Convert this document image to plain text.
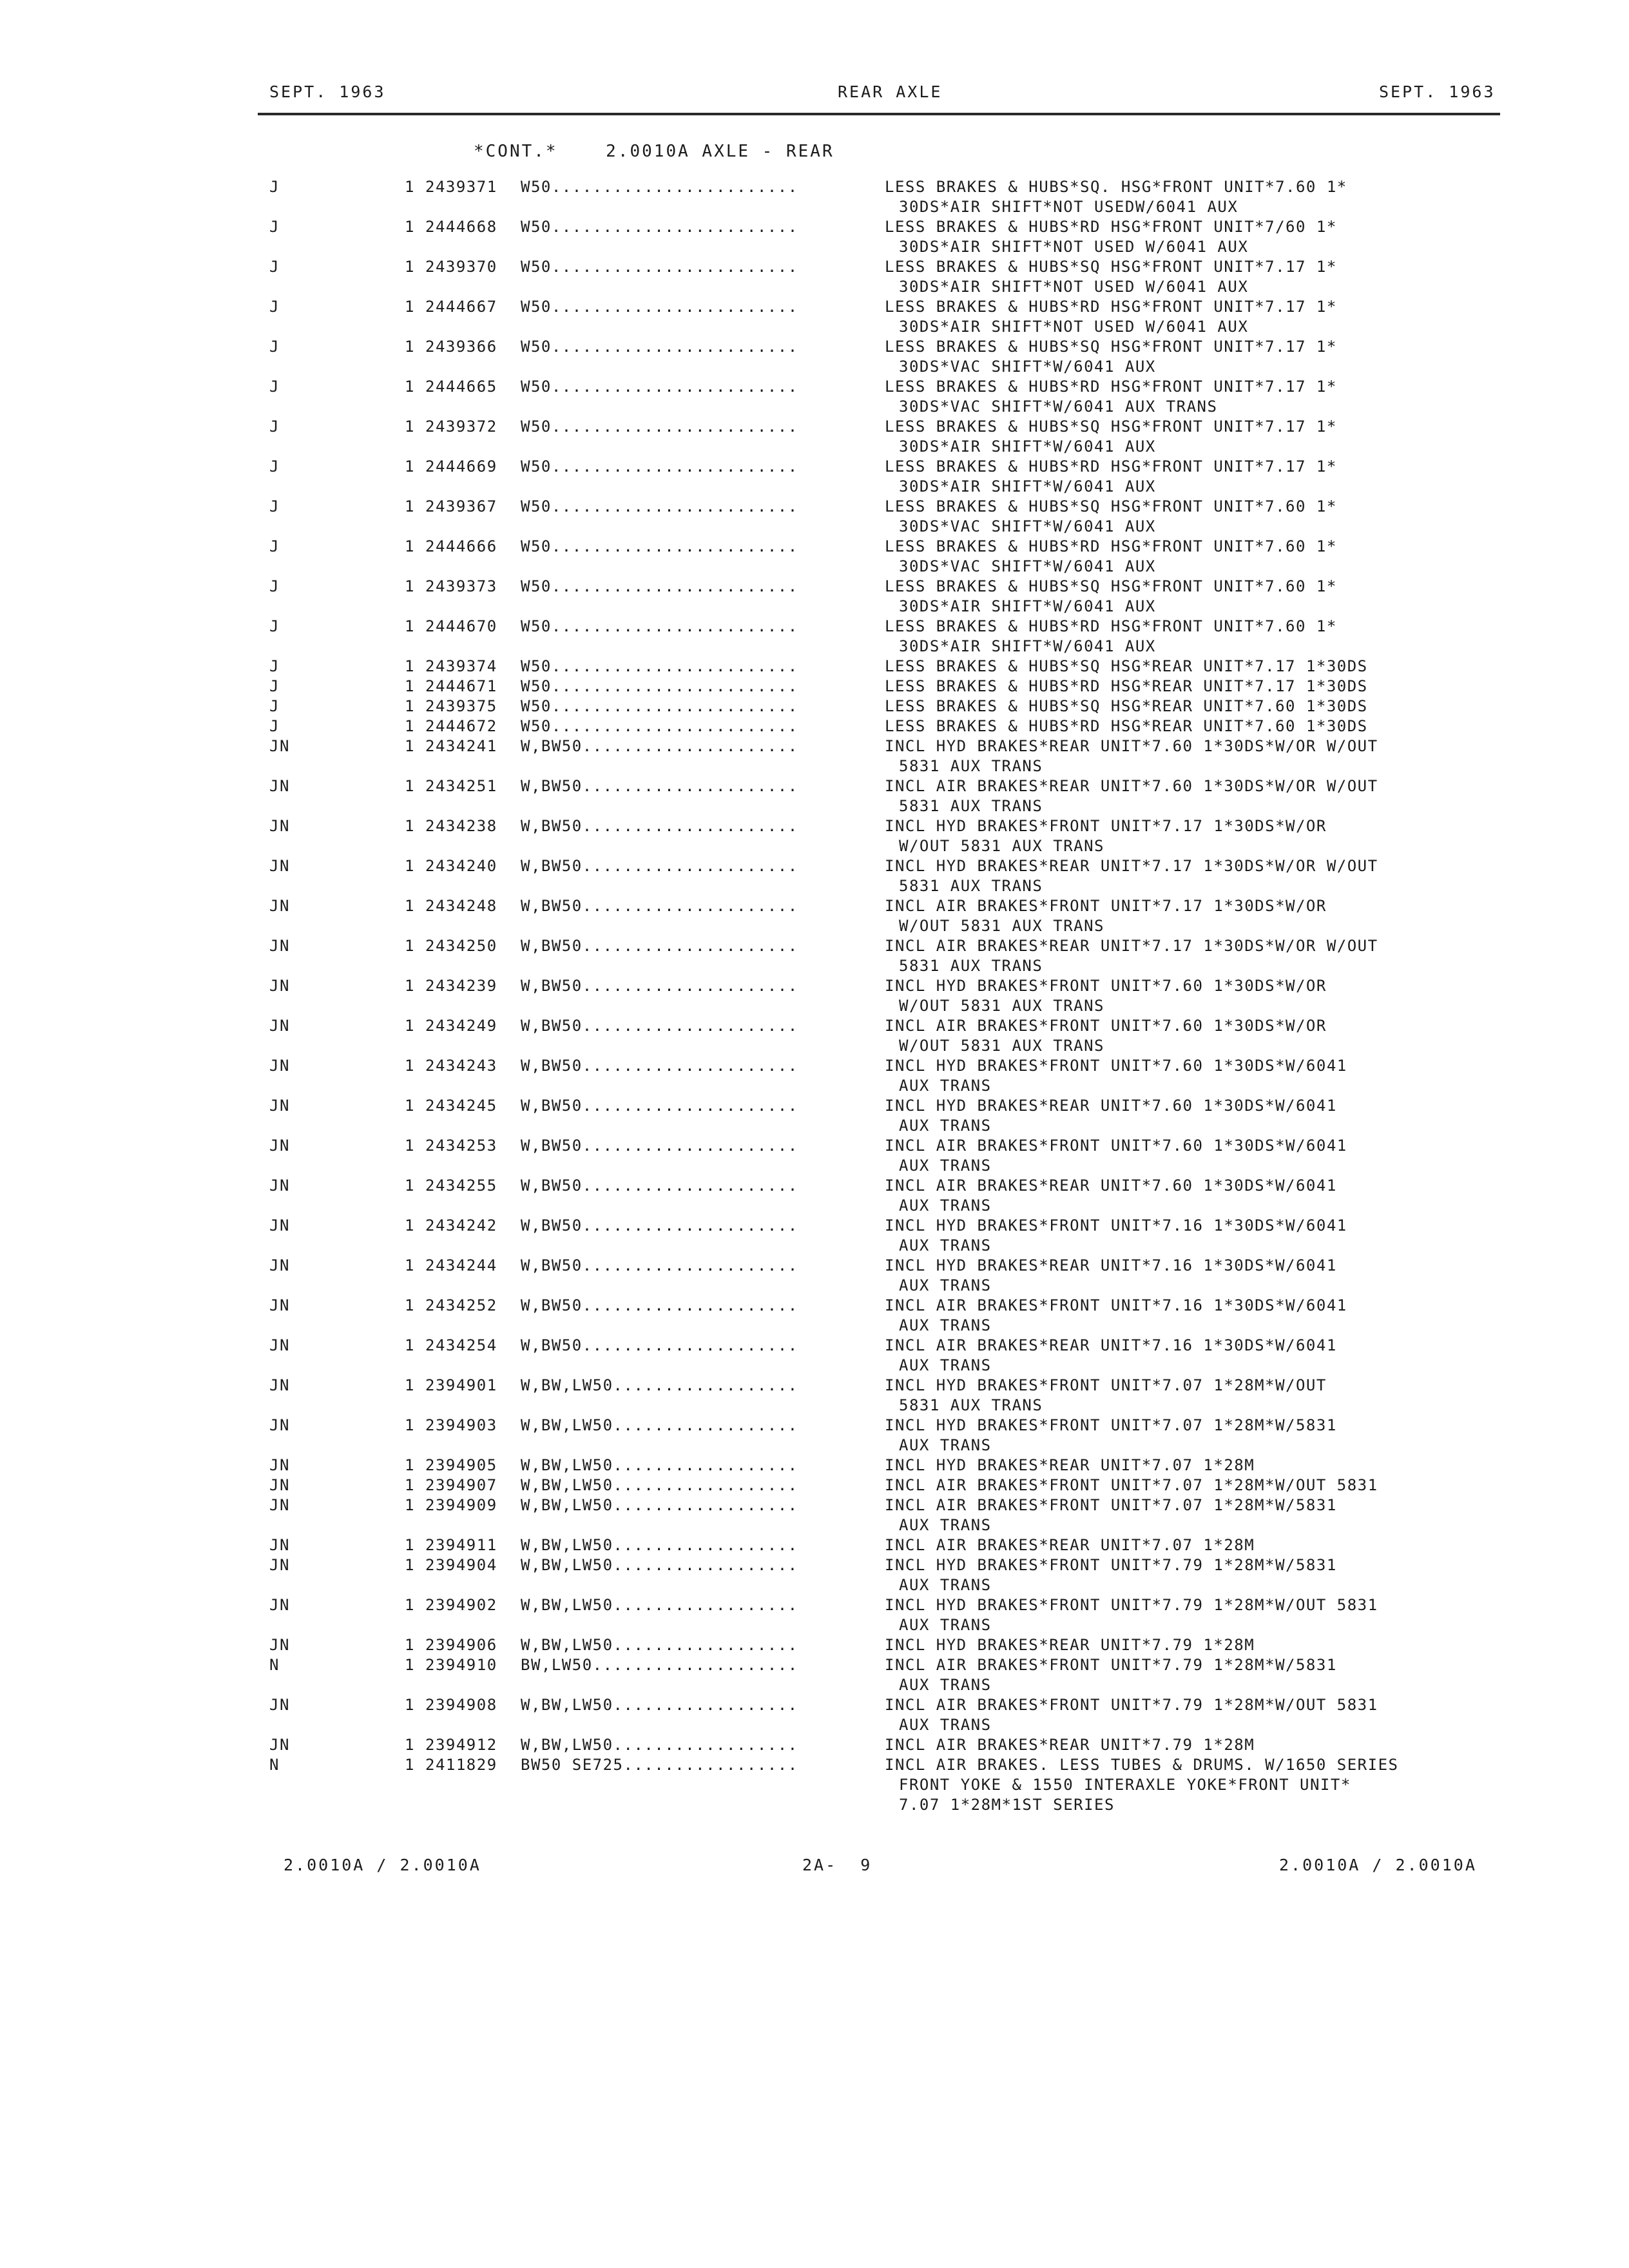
SEPT. 1963	REAR AXLE	SEPT. 1963
*CONT.*    2.0010A AXLE - REAR
J	1 2439371 W50........................	LESS BRAKES & HUBS*SQ. HSG*FRONT UNIT*7.60 1*
30DS*AIR SHIFT*NOT USEDW/6041 AUX
J	1 2444668 W50........................	LESS BRAKES & HUBS*RD HSG*FRONT UNIT*7/60 1*
30DS*AIR SHIFT*NOT USED W/6041 AUX
J	1 2439370 W50........................	LESS BRAKES & HUBS*SQ HSG*FRONT UNIT*7.17 1*
30DS*AIR SHIFT*NOT USED W/6041 AUX
J	1 2444667 W50........................	LESS BRAKES & HUBS*RD HSG*FRONT UNIT*7.17 1*
30DS*AIR SHIFT*NOT USED W/6041 AUX
J	1 2439366 W50........................	LESS BRAKES & HUBS*SQ HSG*FRONT UNIT*7.17 1*
30DS*VAC SHIFT*W/6041 AUX
J	1 2444665 W50........................	LESS BRAKES & HUBS*RD HSG*FRONT UNIT*7.17 1*
30DS*VAC SHIFT*W/6041 AUX TRANS
J	1 2439372 W50........................	LESS BRAKES & HUBS*SQ HSG*FRONT UNIT*7.17 1*
30DS*AIR SHIFT*W/6041 AUX
J	1 2444669 W50........................	LESS BRAKES & HUBS*RD HSG*FRONT UNIT*7.17 1*
30DS*AIR SHIFT*W/6041 AUX
J	1 2439367 W50........................	LESS BRAKES & HUBS*SQ HSG*FRONT UNIT*7.60 1*
30DS*VAC SHIFT*W/6041 AUX
J	1 2444666 W50........................	LESS BRAKES & HUBS*RD HSG*FRONT UNIT*7.60 1*
30DS*VAC SHIFT*W/6041 AUX
J	1 2439373 W50........................	LESS BRAKES & HUBS*SQ HSG*FRONT UNIT*7.60 1*
30DS*AIR SHIFT*W/6041 AUX
J	1 2444670 W50........................	LESS BRAKES & HUBS*RD HSG*FRONT UNIT*7.60 1*
30DS*AIR SHIFT*W/6041 AUX
J	1 2439374 W50........................	LESS BRAKES & HUBS*SQ HSG*REAR UNIT*7.17 1*30DS
J	1 2444671 W50........................	LESS BRAKES & HUBS*RD HSG*REAR UNIT*7.17 1*30DS
J	1 2439375 W50........................	LESS BRAKES & HUBS*SQ HSG*REAR UNIT*7.60 1*30DS
J	1 2444672 W50........................	LESS BRAKES & HUBS*RD HSG*REAR UNIT*7.60 1*30DS
JN	1 2434241 W,BW50.....................	INCL HYD BRAKES*REAR UNIT*7.60 1*30DS*W/OR W/OUT
5831 AUX TRANS
JN	1 2434251 W,BW50.....................	INCL AIR BRAKES*REAR UNIT*7.60 1*30DS*W/OR W/OUT
5831 AUX TRANS
JN	1 2434238 W,BW50.....................	INCL HYD BRAKES*FRONT UNIT*7.17 1*30DS*W/OR
W/OUT 5831 AUX TRANS
JN	1 2434240 W,BW50.....................	INCL HYD BRAKES*REAR UNIT*7.17 1*30DS*W/OR W/OUT
5831 AUX TRANS
JN	1 2434248 W,BW50.....................	INCL AIR BRAKES*FRONT UNIT*7.17 1*30DS*W/OR
W/OUT 5831 AUX TRANS
JN	1 2434250 W,BW50.....................	INCL AIR BRAKES*REAR UNIT*7.17 1*30DS*W/OR W/OUT
5831 AUX TRANS
JN	1 2434239 W,BW50.....................	INCL HYD BRAKES*FRONT UNIT*7.60 1*30DS*W/OR
W/OUT 5831 AUX TRANS
JN	1 2434249 W,BW50.....................	INCL AIR BRAKES*FRONT UNIT*7.60 1*30DS*W/OR
W/OUT 5831 AUX TRANS
JN	1 2434243 W,BW50.....................	INCL HYD BRAKES*FRONT UNIT*7.60 1*30DS*W/6041
AUX TRANS
JN	1 2434245 W,BW50.....................	INCL HYD BRAKES*REAR UNIT*7.60 1*30DS*W/6041
AUX TRANS
JN	1 2434253 W,BW50.....................	INCL AIR BRAKES*FRONT UNIT*7.60 1*30DS*W/6041
AUX TRANS
JN	1 2434255 W,BW50.....................	INCL AIR BRAKES*REAR UNIT*7.60 1*30DS*W/6041
AUX TRANS
JN	1 2434242 W,BW50.....................	INCL HYD BRAKES*FRONT UNIT*7.16 1*30DS*W/6041
AUX TRANS
JN	1 2434244 W,BW50.....................	INCL HYD BRAKES*REAR UNIT*7.16 1*30DS*W/6041
AUX TRANS
JN	1 2434252 W,BW50.....................	INCL AIR BRAKES*FRONT UNIT*7.16 1*30DS*W/6041
AUX TRANS
JN	1 2434254 W,BW50.....................	INCL AIR BRAKES*REAR UNIT*7.16 1*30DS*W/6041
AUX TRANS
JN	1 2394901 W,BW,LW50..................	INCL HYD BRAKES*FRONT UNIT*7.07 1*28M*W/OUT
5831 AUX TRANS
JN	1 2394903 W,BW,LW50..................	INCL HYD BRAKES*FRONT UNIT*7.07 1*28M*W/5831
AUX TRANS
JN	1 2394905 W,BW,LW50..................	INCL HYD BRAKES*REAR UNIT*7.07 1*28M
JN	1 2394907 W,BW,LW50..................	INCL AIR BRAKES*FRONT UNIT*7.07 1*28M*W/OUT 5831
JN	1 2394909 W,BW,LW50..................	INCL AIR BRAKES*FRONT UNIT*7.07 1*28M*W/5831
AUX TRANS
JN	1 2394911 W,BW,LW50..................	INCL AIR BRAKES*REAR UNIT*7.07 1*28M
JN	1 2394904 W,BW,LW50..................	INCL HYD BRAKES*FRONT UNIT*7.79 1*28M*W/5831
AUX TRANS
JN	1 2394902 W,BW,LW50..................	INCL HYD BRAKES*FRONT UNIT*7.79 1*28M*W/OUT 5831
AUX TRANS
JN	1 2394906 W,BW,LW50..................	INCL HYD BRAKES*REAR UNIT*7.79 1*28M
N	1 2394910 BW,LW50....................	INCL AIR BRAKES*FRONT UNIT*7.79 1*28M*W/5831
AUX TRANS
JN	1 2394908 W,BW,LW50..................	INCL AIR BRAKES*FRONT UNIT*7.79 1*28M*W/OUT 5831
AUX TRANS
JN	1 2394912 W,BW,LW50..................	INCL AIR BRAKES*REAR UNIT*7.79 1*28M
N	1 2411829 BW50 SE725.................	INCL AIR BRAKES. LESS TUBES & DRUMS. W/1650 SERIES
FRONT YOKE & 1550 INTERAXLE YOKE*FRONT UNIT*
7.07 1*28M*1ST SERIES
2.0010A / 2.0010A	2A-  9	2.0010A / 2.0010A
